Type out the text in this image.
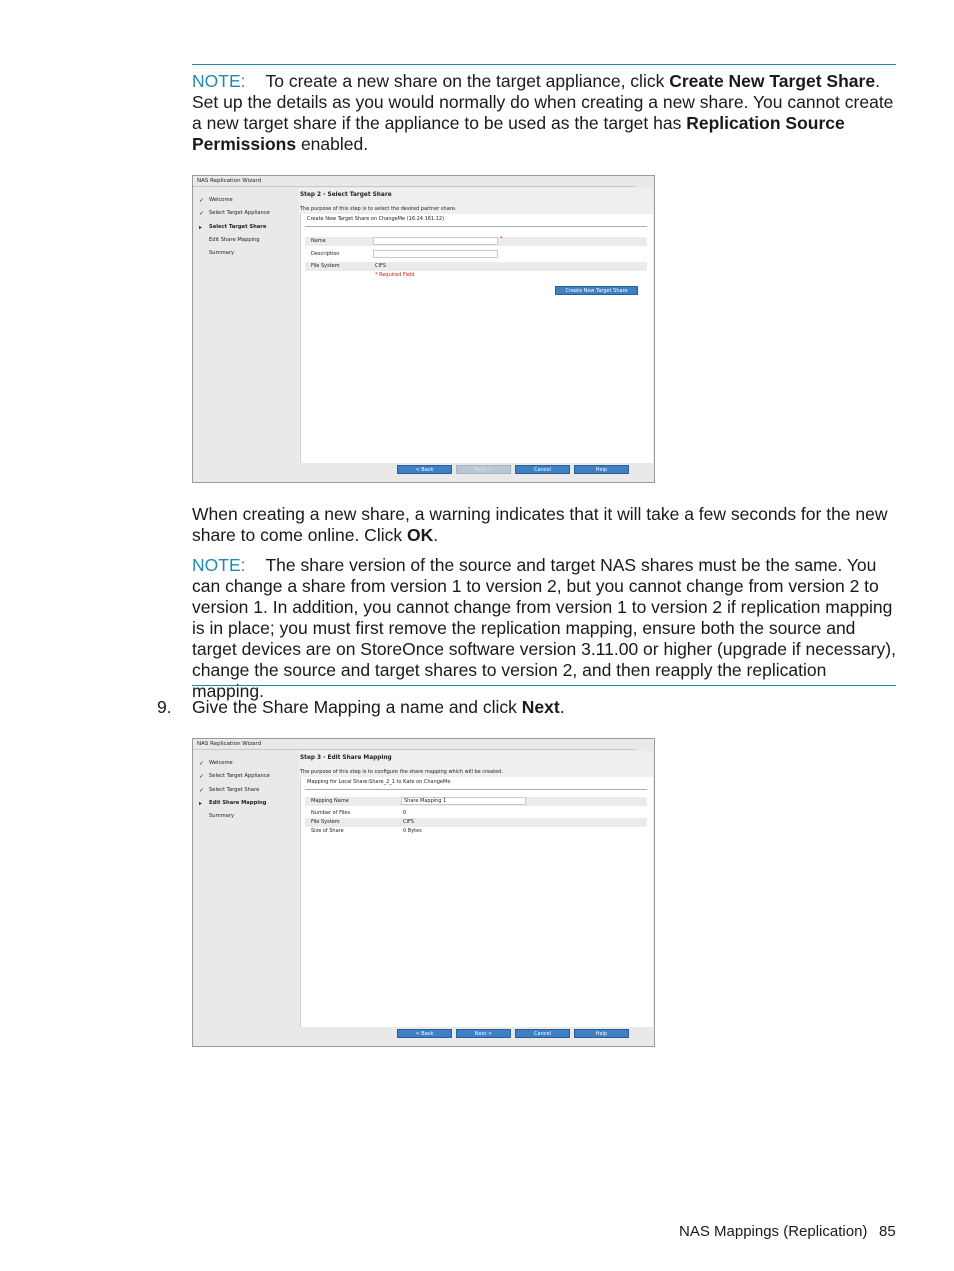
NOTE: To create a new share on the target appliance, click Create New Target Share. Set up the details as you would normally do when creating a new share. You cannot create a new target share if the appliance to be used as the target has Replication Source Permissions enabled.
NAS Replication Wizard
✓ Welcome
✓ Select Target Appliance
▸ Select Target Share
Edit Share Mapping
Summary
Step 2 - Select Target Share
The purpose of this step is to select the desired partner share.
Create New Target Share on ChangeMe (16.24.161.12)
Name	*
Description
File System	CIFS
* Required Field
Create New Target Share
< Back	Next >	Cancel	Help
When creating a new share, a warning indicates that it will take a few seconds for the new share to come online. Click OK.
NOTE: The share version of the source and target NAS shares must be the same. You can change a share from version 1 to version 2, but you cannot change from version 2 to version 1. In addition, you cannot change from version 1 to version 2 if replication mapping is in place; you must first remove the replication mapping, ensure both the source and target devices are on StoreOnce software version 3.11.00 or higher (upgrade if necessary), change the source and target shares to version 2, and then reapply the replication mapping.
9. Give the Share Mapping a name and click Next.
NAS Replication Wizard
✓ Welcome
✓ Select Target Appliance
✓ Select Target Share
▸ Edit Share Mapping
Summary
Step 3 - Edit Share Mapping
The purpose of this step is to configure the share mapping which will be created.
Mapping for Local Share:Share_2_1 to Kate on ChangeMe
Mapping Name	Share Mapping 1
Number of Files	0
File System	CIFS
Size of Share	0 Bytes
< Back	Next >	Cancel	Help
NAS Mappings (Replication) 85
